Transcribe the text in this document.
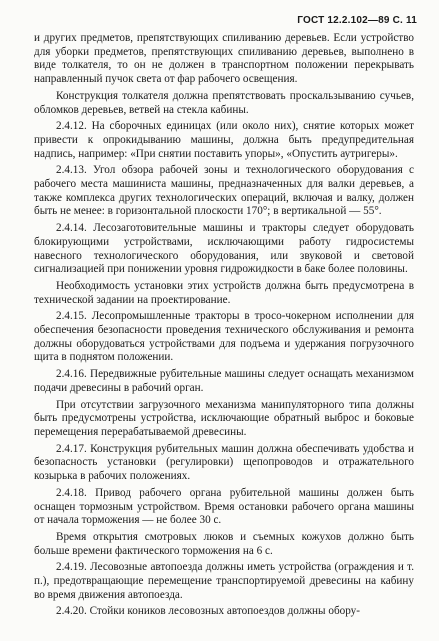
ГОСТ 12.2.102—89 С. 11

и других предметов, препятствующих спиливанию деревьев. Если устройство для уборки предметов, препятствующих спиливанию деревьев, выполнено в виде толкателя, то он не должен в транспортном положении перекрывать направленный пучок света от фар рабочего освещения.

Конструкция толкателя должна препятствовать проскальзыванию сучьев, обломков деревьев, ветвей на стекла кабины.

2.4.12. На сборочных единицах (или около них), снятие которых может привести к опрокидыванию машины, должна быть предупредительная надпись, например: «При снятии поставить упоры», «Опустить аутригеры».

2.4.13. Угол обзора рабочей зоны и технологического оборудования с рабочего места машиниста машины, предназначенных для валки деревьев, а также комплекса других технологических операций, включая и валку, должен быть не менее: в горизонтальной плоскости 170°; в вертикальной — 55°.

2.4.14. Лесозаготовительные машины и тракторы следует оборудовать блокирующими устройствами, исключающими работу гидросистемы навесного технологического оборудования, или звуковой и световой сигнализацией при понижении уровня гидрожидкости в баке более половины.

Необходимость установки этих устройств должна быть предусмотрена в технической задании на проектирование.

2.4.15. Лесопромышленные тракторы в тросо-чокерном исполнении для обеспечения безопасности проведения технического обслуживания и ремонта должны оборудоваться устройствами для подъема и удержания погрузочного щита в поднятом положении.

2.4.16. Передвижные рубительные машины следует оснащать механизмом подачи древесины в рабочий орган.

При отсутствии загрузочного механизма манипуляторного типа должны быть предусмотрены устройства, исключающие обратный выброс и боковые перемещения перерабатываемой древесины.

2.4.17. Конструкция рубительных машин должна обеспечивать удобства и безопасность установки (регулировки) щепопроводов и отражательного козырька в рабочих положениях.

2.4.18. Привод рабочего органа рубительной машины должен быть оснащен тормозным устройством. Время остановки рабочего органа машины от начала торможения — не более 30 с.

Время открытия смотровых люков и съемных кожухов должно быть больше времени фактического торможения на 6 с.

2.4.19. Лесовозные автопоезда должны иметь устройства (ограждения и т. п.), предотвращающие перемещение транспортируемой древесины на кабину во время движения автопоезда.

2.4.20. Стойки коников лесовозных автопоездов должны обору-
